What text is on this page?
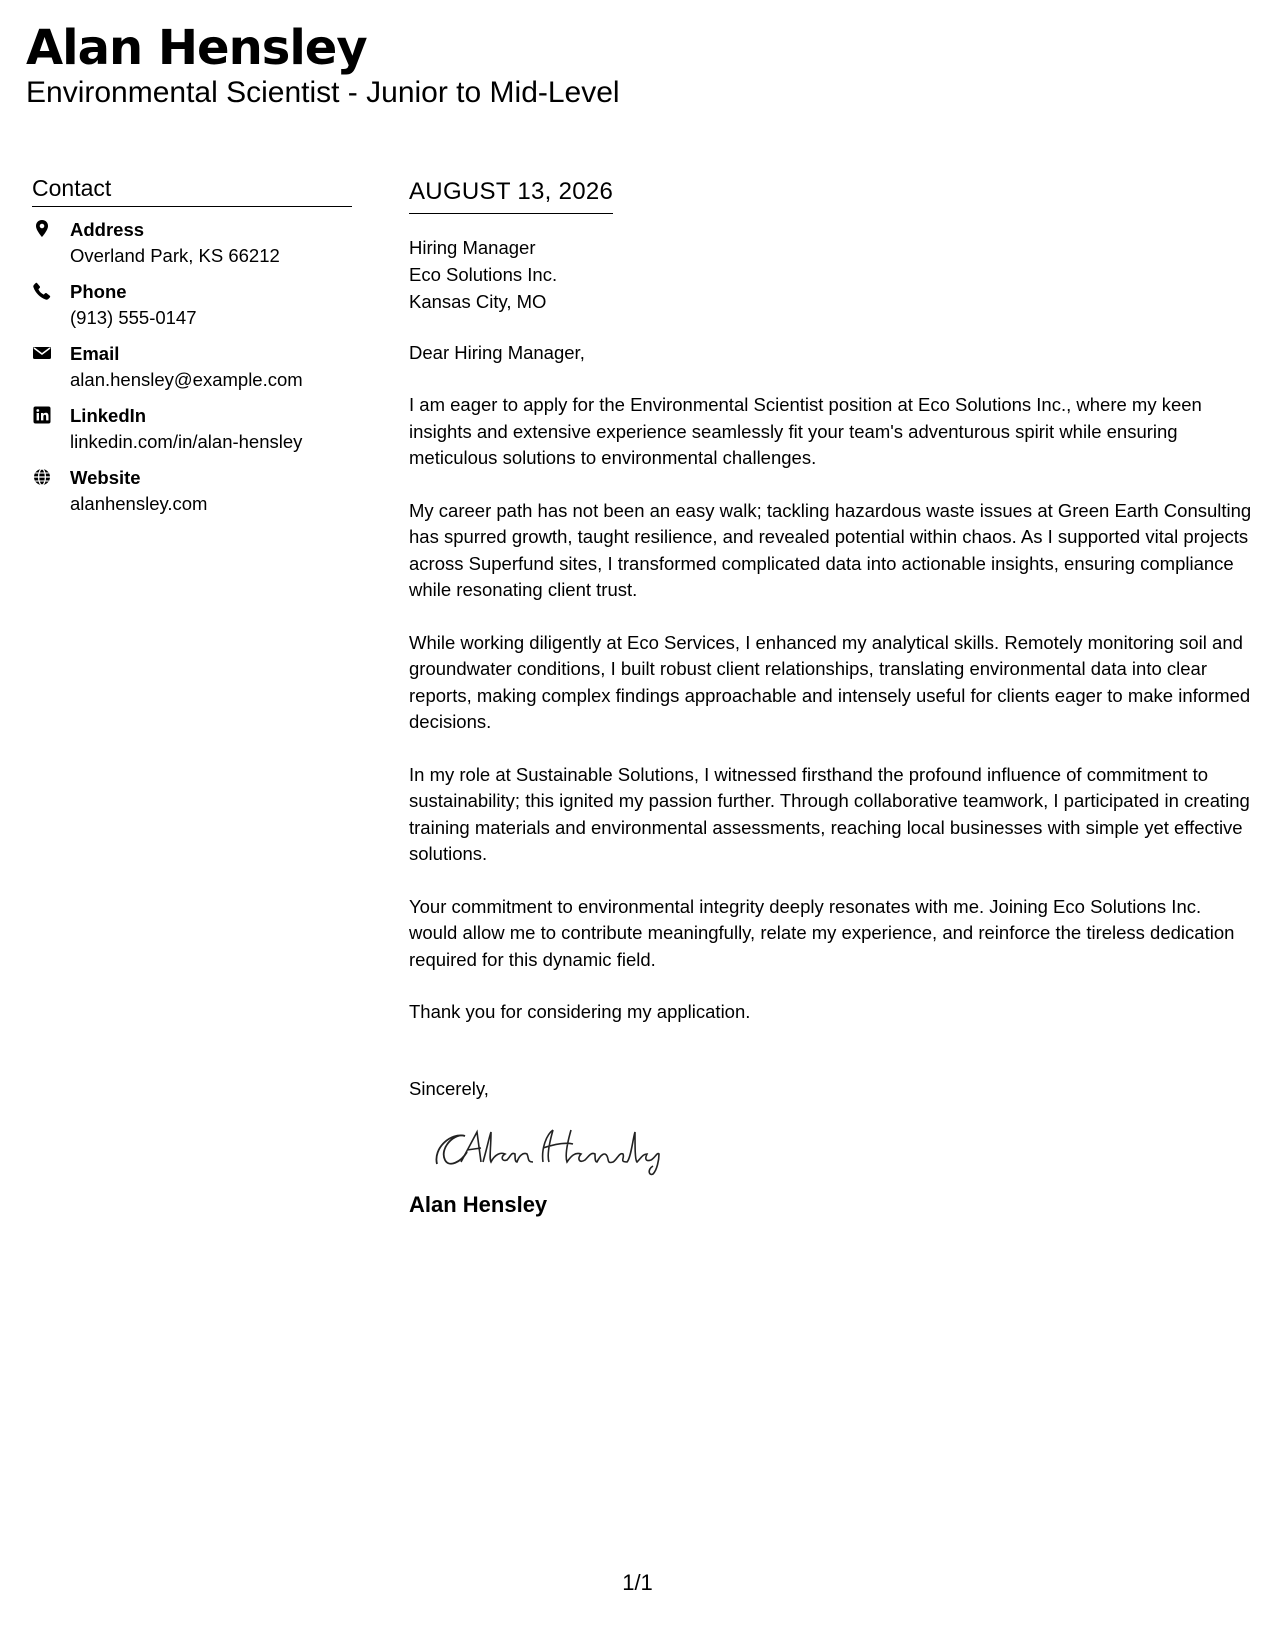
Alan Hensley
Environmental Scientist - Junior to Mid-Level
Contact
Address
Overland Park, KS 66212
Phone
(913) 555-0147
Email
alan.hensley@example.com
LinkedIn
linkedin.com/in/alan-hensley
Website
alanhensley.com
AUGUST 13, 2026
Hiring Manager
Eco Solutions Inc.
Kansas City, MO
Dear Hiring Manager,
I am eager to apply for the Environmental Scientist position at Eco Solutions Inc., where my keen insights and extensive experience seamlessly fit your team's adventurous spirit while ensuring meticulous solutions to environmental challenges.
My career path has not been an easy walk; tackling hazardous waste issues at Green Earth Consulting has spurred growth, taught resilience, and revealed potential within chaos. As I supported vital projects across Superfund sites, I transformed complicated data into actionable insights, ensuring compliance while resonating client trust.
While working diligently at Eco Services, I enhanced my analytical skills. Remotely monitoring soil and groundwater conditions, I built robust client relationships, translating environmental data into clear reports, making complex findings approachable and intensely useful for clients eager to make informed decisions.
In my role at Sustainable Solutions, I witnessed firsthand the profound influence of commitment to sustainability; this ignited my passion further. Through collaborative teamwork, I participated in creating training materials and environmental assessments, reaching local businesses with simple yet effective solutions.
Your commitment to environmental integrity deeply resonates with me. Joining Eco Solutions Inc. would allow me to contribute meaningfully, relate my experience, and reinforce the tireless dedication required for this dynamic field.
Thank you for considering my application.
Sincerely,
Alan Hensley
1/1
